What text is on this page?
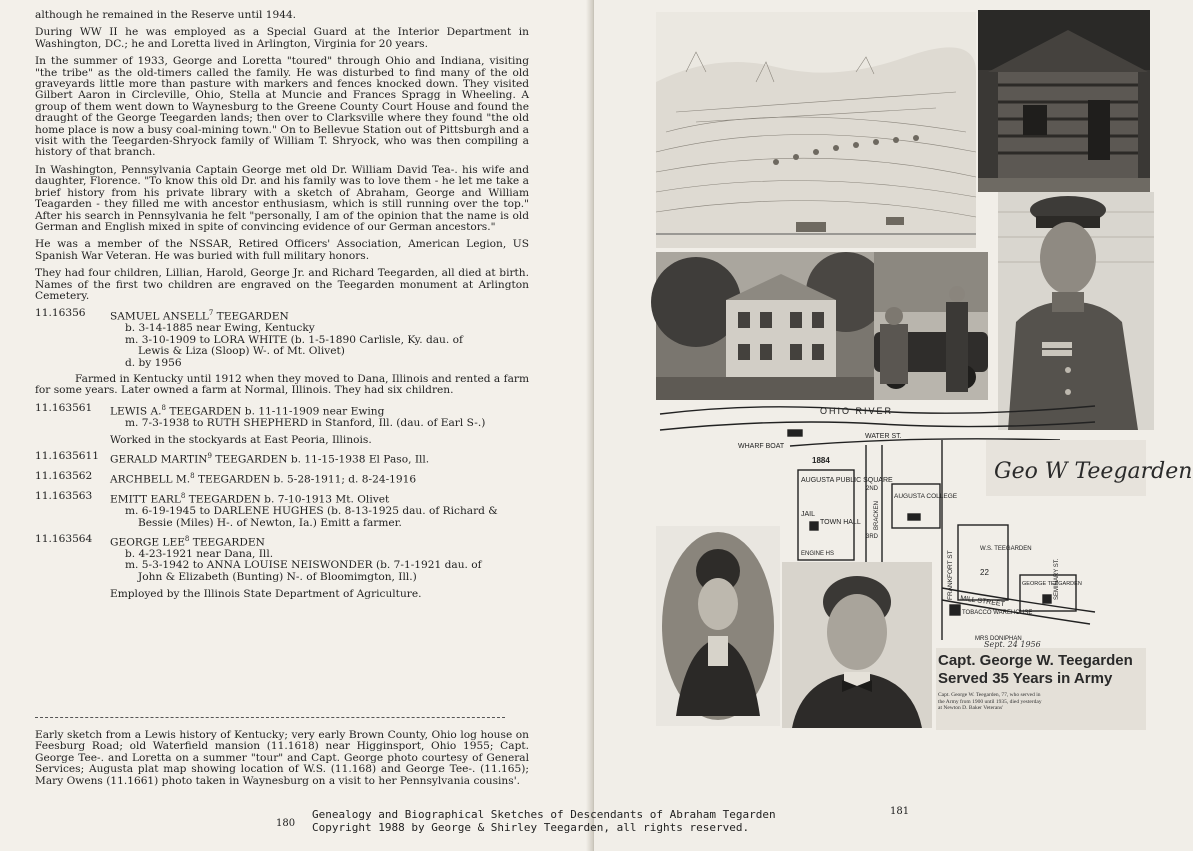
although he remained in the Reserve until 1944.

During WW II he was employed as a Special Guard at the Interior Department in Washington, DC.; he and Loretta lived in Arlington, Virginia for 20 years.

In the summer of 1933, George and Loretta "toured" through Ohio and Indiana, visiting "the tribe" as the old-timers called the family. He was disturbed to find many of the old graveyards little more than pasture with markers and fences knocked down. They visited Gilbert Aaron in Circleville, Ohio, Stella at Muncie and Frances Spragg in Wheeling. A group of them went down to Waynesburg to the Greene County Court House and found the draught of the George Teegarden lands; then over to Clarksville where they found "the old home place is now a busy coal-mining town." On to Bellevue Station out of Pittsburgh and a visit with the Teegarden-Shryock family of William T. Shryock, who was then compiling a history of that branch.

In Washington, Pennsylvania Captain George met old Dr. William David Tea-. his wife and daughter, Florence. "To know this old Dr. and his family was to love them - he let me take a brief history from his private library with a sketch of Abraham, George and William Teagarden - they filled me with ancestor enthusiasm, which is still running over the top." After his search in Pennsylvania he felt "personally, I am of the opinion that the name is old German and English mixed in spite of convincing evidence of our German ancestors."

He was a member of the NSSAR, Retired Officers' Association, American Legion, US Spanish War Veteran. He was buried with full military honors.

They had four children, Lillian, Harold, George Jr. and Richard Teegarden, all died at birth. Names of the first two children are engraved on the Teegarden monument at Arlington Cemetery.

11.16356	SAMUEL ANSELL$^7$ TEEGARDEN
b. 3-14-1885 near Ewing, Kentucky
m. 3-10-1909 to LORA WHITE (b. 1-5-1890 Carlisle, Ky. dau. of
Lewis & Liza (Sloop) W-. of Mt. Olivet)
d. by 1956

Farmed in Kentucky until 1912 when they moved to Dana, Illinois and rented a farm for some years. Later owned a farm at Normal, Illinois. They had six children.

11.163561	LEWIS A.$^8$ TEEGARDEN b. 11-11-1909 near Ewing
m. 7-3-1938 to RUTH SHEPHERD in Stanford, Ill. (dau. of Earl S-.)
Worked in the stockyards at East Peoria, Illinois.
11.1635611	GERALD MARTIN$^9$ TEEGARDEN b. 11-15-1938 El Paso, Ill.
11.163562	ARCHBELL M.$^8$ TEEGARDEN b. 5-28-1911; d. 8-24-1916
11.163563	EMITT EARL$^8$ TEEGARDEN b. 7-10-1913 Mt. Olivet
m. 6-19-1945 to DARLENE HUGHES (b. 8-13-1925 dau. of Richard &
Bessie (Miles) H-. of Newton, Ia.) Emitt a farmer.
11.163564	GEORGE LEE$^8$ TEEGARDEN
b. 4-23-1921 near Dana, Ill.
m. 5-3-1942 to ANNA LOUISE NEISWONDER (b. 7-1-1921 dau. of
John & Elizabeth (Bunting) N-. of Bloomimgton, Ill.)
Employed by the Illinois State Department of Agriculture.
Early sketch from a Lewis history of Kentucky; very early Brown County, Ohio log house on Feesburg Road; old Waterfield mansion (11.1618) near Higginsport, Ohio 1955; Capt. George Tee-. and Loretta on a summer "tour" and Capt. George photo courtesy of General Services; Augusta plat map showing location of W.S. (11.168) and George Tee-. (11.165); Mary Owens (11.1661) photo taken in Waynesburg on a visit to her Pennsylvania cousins'.
180
OHIO RIVER
WHARF BOAT
WATER ST.
1884
AUGUSTA PUBLIC SQUARE
JAIL
TOWN HALL
ENGINE HS
BRACKEN
2ND
3RD
AUGUSTA COLLEGE
FRANKFORT ST
W.S. TEEGARDEN
22
GEORGE TEEGARDEN
SEMINARY ST.
MILL STREET
TOBACCO WAREHOUSE
MRS DONIPHAN
Geo W Teegarden
Sept. 24 1956
Capt. George W. Teegarden
Served 35 Years in Army
Capt. George W. Teegarden, 77, who served in the Army from 1900 until 1935, died yesterday at Newton D. Baker Veterans'
181
Genealogy and Biographical Sketches of Descendants of Abraham Tegarden
Copyright 1988 by George & Shirley Teegarden, all rights reserved.
